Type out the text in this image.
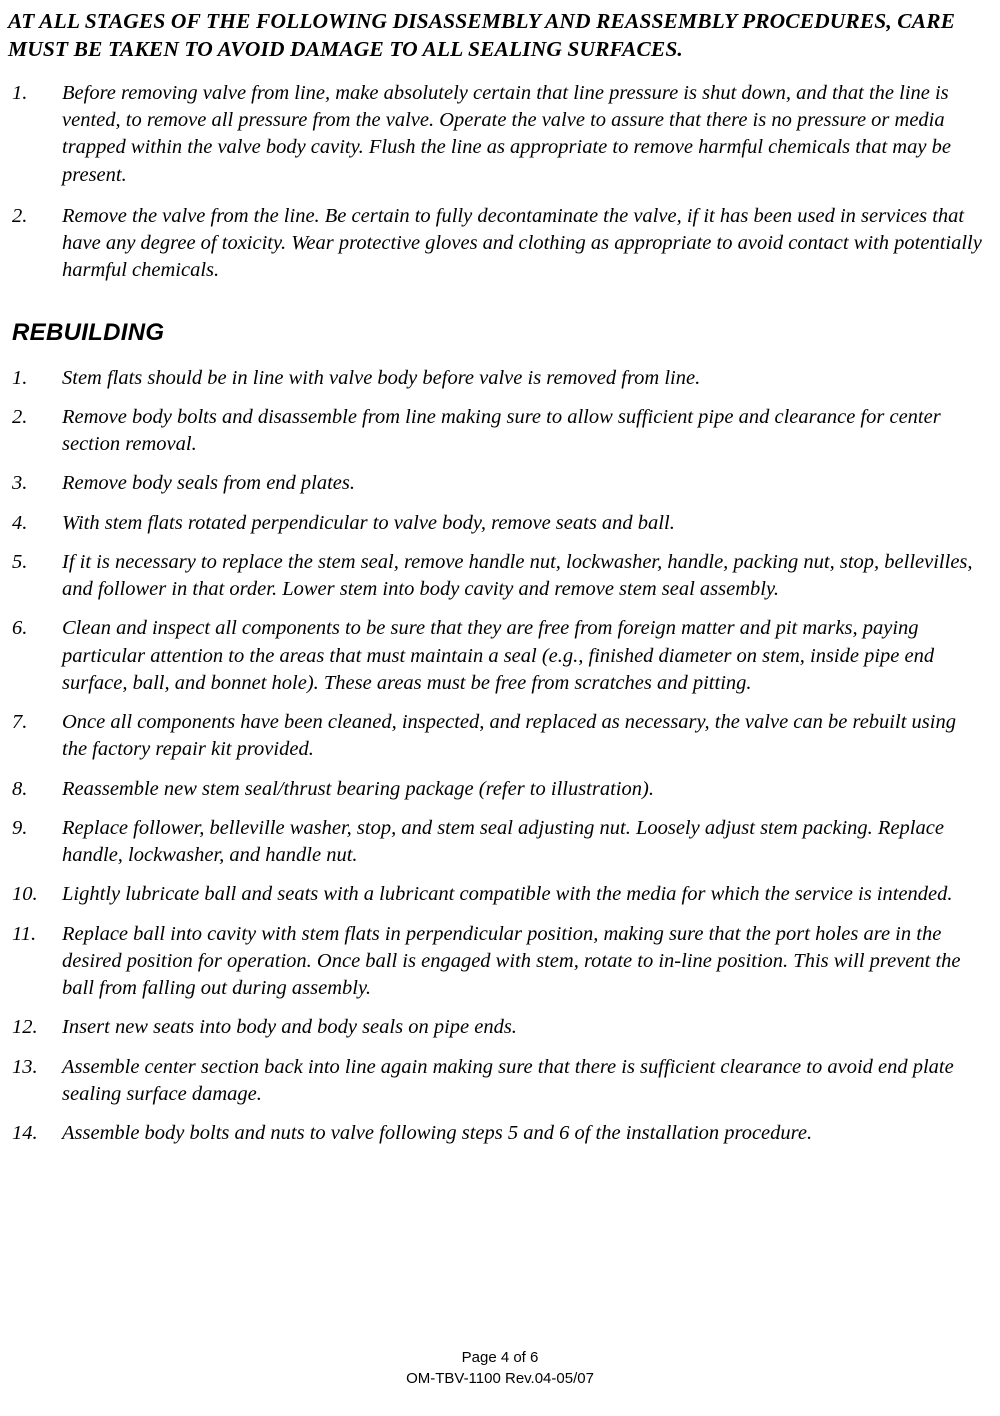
AT ALL STAGES OF THE FOLLOWING DISASSEMBLY AND REASSEMBLY PROCEDURES, CARE MUST BE TAKEN TO AVOID DAMAGE TO ALL SEALING SURFACES.

1.	Before removing valve from line, make absolutely certain that line pressure is shut down, and that the line is vented, to remove all pressure from the valve. Operate the valve to assure that there is no pressure or media trapped within the valve body cavity. Flush the line as appropriate to remove harmful chemicals that may be present.
2.	Remove the valve from the line. Be certain to fully decontaminate the valve, if it has been used in services that have any degree of toxicity. Wear protective gloves and clothing as appropriate to avoid contact with potentially harmful chemicals.
REBUILDING
1.	Stem flats should be in line with valve body before valve is removed from line.
2.	Remove body bolts and disassemble from line making sure to allow sufficient pipe and clearance for center section removal.
3.	Remove body seals from end plates.
4.	With stem flats rotated perpendicular to valve body, remove seats and ball.
5.	If it is necessary to replace the stem seal, remove handle nut, lockwasher, handle, packing nut, stop, bellevilles, and follower in that order. Lower stem into body cavity and remove stem seal assembly.
6.	Clean and inspect all components to be sure that they are free from foreign matter and pit marks, paying particular attention to the areas that must maintain a seal (e.g., finished diameter on stem, inside pipe end surface, ball, and bonnet hole). These areas must be free from scratches and pitting.
7.	Once all components have been cleaned, inspected, and replaced as necessary, the valve can be rebuilt using the factory repair kit provided.
8.	Reassemble new stem seal/thrust bearing package (refer to illustration).
9.	Replace follower, belleville washer, stop, and stem seal adjusting nut. Loosely adjust stem packing. Replace handle, lockwasher, and handle nut.
10.	Lightly lubricate ball and seats with a lubricant compatible with the media for which the service is intended.
11.	Replace ball into cavity with stem flats in perpendicular position, making sure that the port holes are in the desired position for operation. Once ball is engaged with stem, rotate to in-line position. This will prevent the ball from falling out during assembly.
12.	Insert new seats into body and body seals on pipe ends.
13.	Assemble center section back into line again making sure that there is sufficient clearance to avoid end plate sealing surface damage.
14.	Assemble body bolts and nuts to valve following steps 5 and 6 of the installation procedure.
Page 4 of 6
OM-TBV-1100 Rev.04-05/07
